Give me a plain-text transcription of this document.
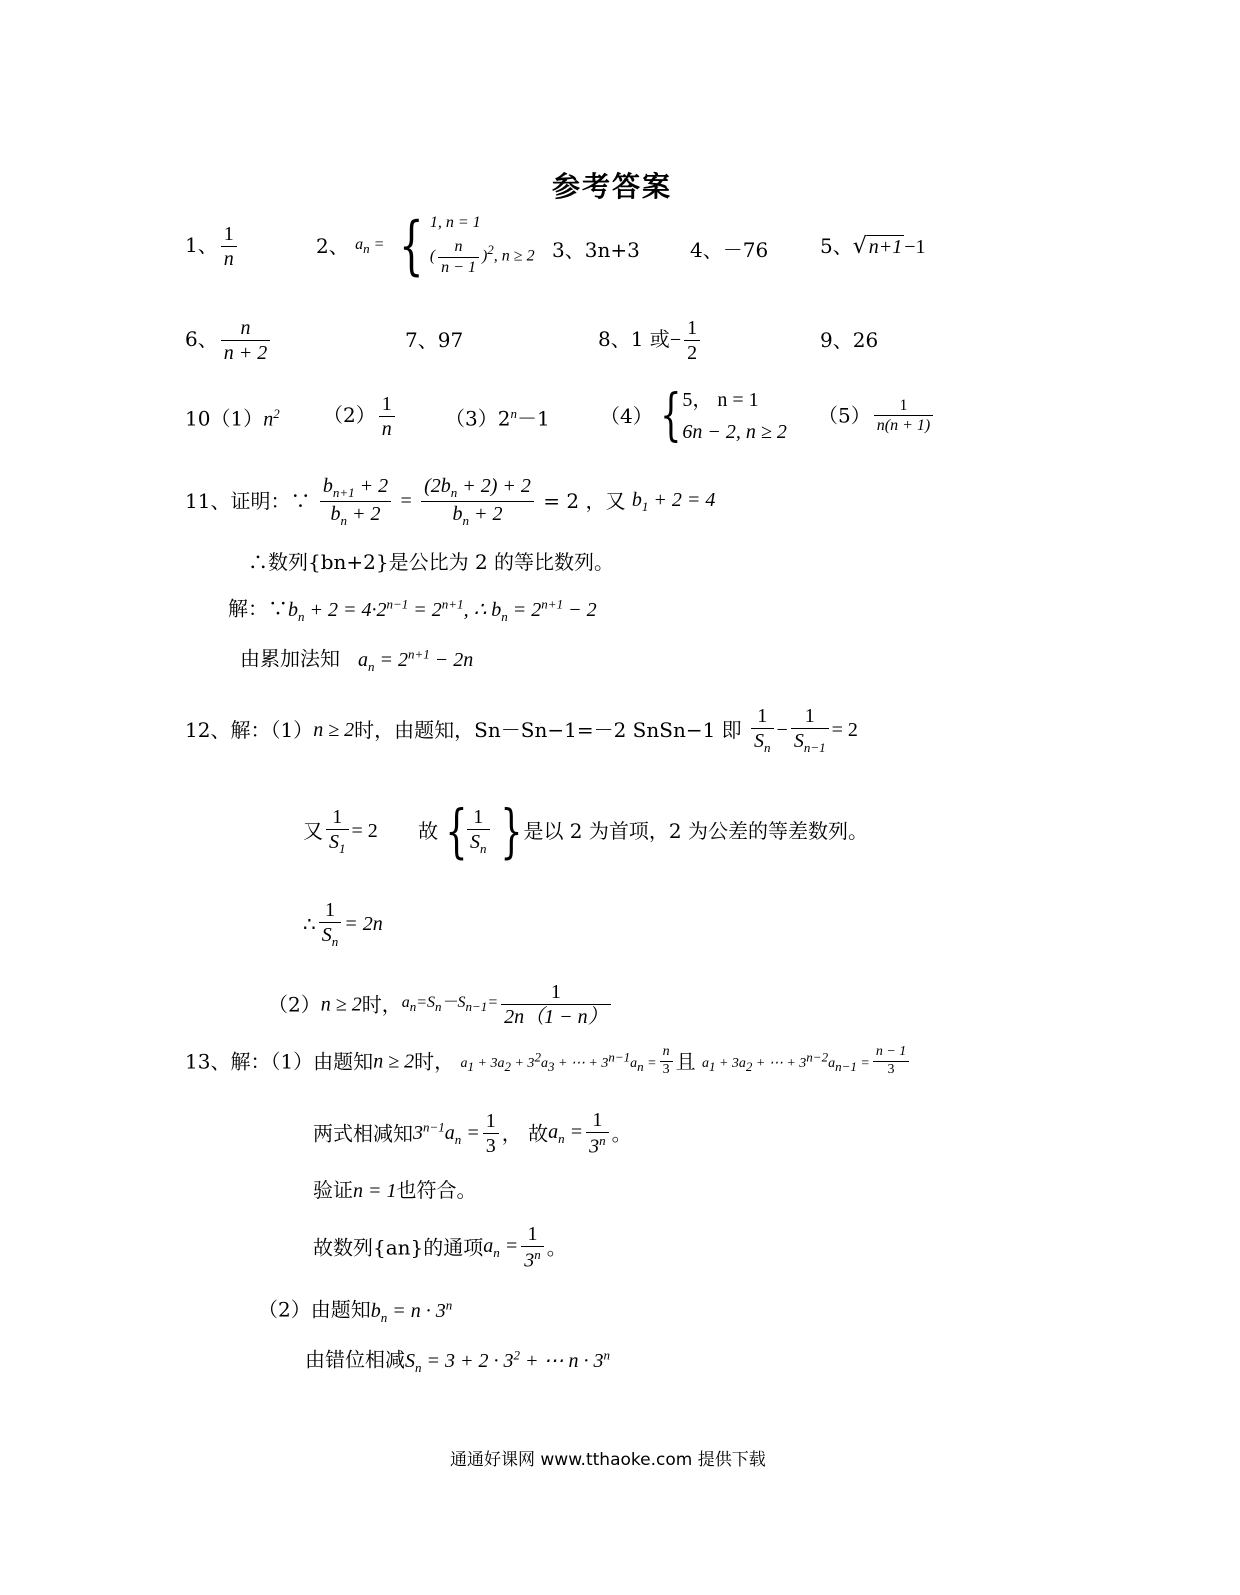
参考答案
1、 $\frac{1}{n}$	2、 $a_n$ = { 1, n = 1
( $\frac{n}{n - 1} )^2$, n ≥ 2 3、3n+3	4、－76	5、√ n+1 −1
6、 $\frac{n}{n + 2}$	7、97	8、1 或− $\frac{1}{2}$	9、26
$10(1)n^2$ $(2) \frac{1}{n}$	$(3)2^n-1$	（4） { 5， n = 1
6n − 2, n ≥ 2
$(5) \frac{1}{n(n + 1)}$
11、证明：∵ $\frac{b_{n+1} + 2}{b_n + 2} = \frac{(2b_n + 2) + 2}{b_n + 2} = 2$ ，又 $b_1 + 2 = 4$
∴数列{bn+2}是公比为 2 的等比数列。
解：$\because b_n + 2 = 4\cdot 2^{n-1} = 2^{n+1}$, ∴ $b_n = 2^{n+1} - 2$
由累加法知 $a_n = 2^{n+1} - 2n$
12、解：（1）n ≥ 2时，由题知，Sn－Sn−1=－2 SnSn−1 即 $\frac{1}{S_n} - \frac{1}{S_{n-1}} = 2$
又 $\frac{1}{S_1} = 2$ 故 { $\frac{1}{S_n}$ }是以 2 为首项，2 为公差的等差数列。
∴ $\frac{1}{S_n} = 2n$
（2）n ≥ 2时，$a_n=S_n-S_{n-1}= \frac{1}{2n(1 - n)}$
13、解：（1）由题知n ≥ 2时， $a_1 + 3a_2 + 3^2a_3$ + ⋯ + $3^{n-1}a_n = \frac{n}{3}$ 且 $a_1 + 3a_2$ + ⋯ + $3^{n-2}a_{n-1} = \frac{n - 1}{3}$
两式相减知$3^{n-1}a_n = \frac{1}{3}$ ， 故$a_n = \frac{1}{3^n}$ 。
验证n = 1也符合。
故数列{an}的通项$a_n = \frac{1}{3^n}$ 。
（2）由题知$b_n = n \cdot 3^n$
由错位相减$S_n = 3 + 2 \cdot 3^2$ + ⋯ $n \cdot 3^n$
通通好课网 www.tthaoke.com 提供下载
